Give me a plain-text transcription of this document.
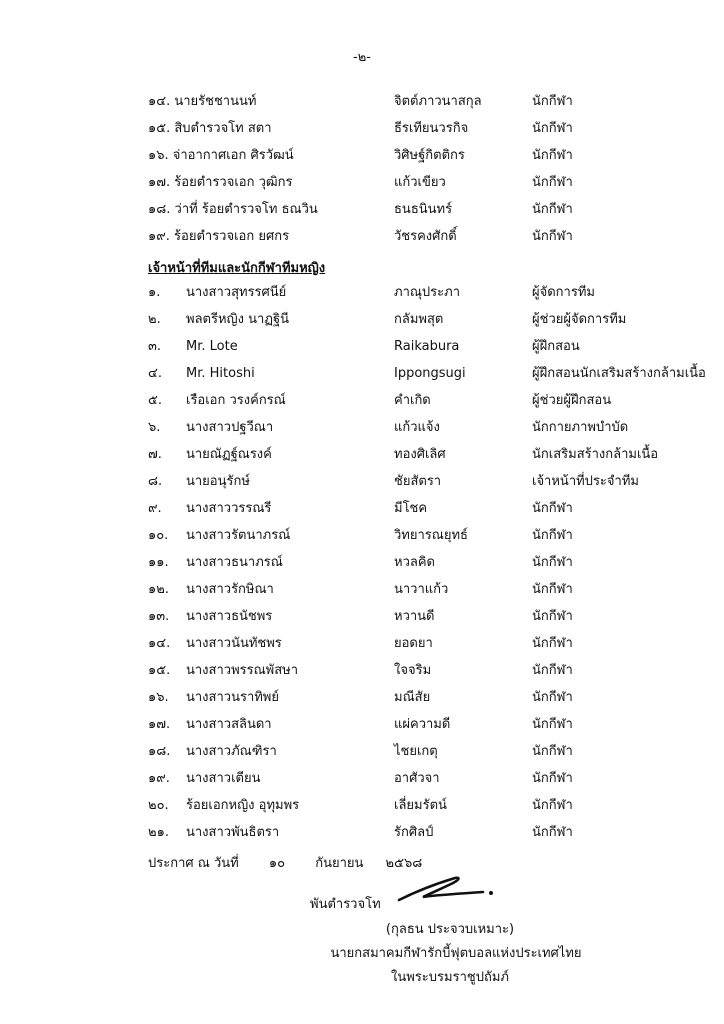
-๒-
๑๔. นายรัชชานนท์	จิตต์ภาวนาสกุล	นักกีฬา
๑๕. สิบตำรวจโท สตา	ธีรเทียนวรกิจ	นักกีฬา
๑๖. จ่าอากาศเอก ศิรวัฒน์	วิศิษฐ์กิตติกร	นักกีฬา
๑๗. ร้อยตำรวจเอก วุฒิกร	แก้วเขียว	นักกีฬา
๑๘. ว่าที่ ร้อยตำรวจโท ธณวิน	ธนธนินทร์	นักกีฬา
๑๙. ร้อยตำรวจเอก ยศกร	วัชรคงศักดิ์	นักกีฬา
เจ้าหน้าที่ทีมและนักกีฬาทีมหญิง
๑.	นางสาวสุทรรศนีย์	ภาณุประภา	ผู้จัดการทีม
๒.	พลตรีหญิง นาฏฐินี	กลัมพสุต	ผู้ช่วยผู้จัดการทีม
๓.	Mr. Lote	Raikabura	ผู้ฝึกสอน
๔.	Mr. Hitoshi	Ippongsugi	ผู้ฝึกสอนนักเสริมสร้างกล้ามเนื้อ
๕.	เรือเอก วรงค์กรณ์	คำเกิด	ผู้ช่วยผู้ฝึกสอน
๖.	นางสาวปฐวีณา	แก้วแจ้ง	นักกายภาพบำบัด
๗.	นายณัฏฐ์ณรงค์	ทองศิเลิศ	นักเสริมสร้างกล้ามเนื้อ
๘.	นายอนุรักษ์	ชัยสัตรา	เจ้าหน้าที่ประจำทีม
๙.	นางสาววรรณรี	มีโชค	นักกีฬา
๑๐.	นางสาวรัตนาภรณ์	วิทยารณยุทธ์	นักกีฬา
๑๑.	นางสาวธนาภรณ์	หวลคิด	นักกีฬา
๑๒.	นางสาวรักษิณา	นาวาแก้ว	นักกีฬา
๑๓.	นางสาวธนัชพร	หวานดี	นักกีฬา
๑๔.	นางสาวนันทัชพร	ยอดยา	นักกีฬา
๑๕.	นางสาวพรรณพัสษา	ใจจริม	นักกีฬา
๑๖.	นางสาวนราทิพย์	มณีสัย	นักกีฬา
๑๗.	นางสาวสลินดา	แผ่ความดี	นักกีฬา
๑๘.	นางสาวภัณฑิรา	ไชยเกตุ	นักกีฬา
๑๙.	นางสาวเตียน	อาศัวจา	นักกีฬา
๒๐.	ร้อยเอกหญิง อุทุมพร	เลี่ยมรัตน์	นักกีฬา
๒๑.	นางสาวพันธิตรา	รักศิลป์	นักกีฬา
ประกาศ ณ วันที่ ๑๐ กันยายน ๒๕๖๘
พันตำรวจโท
(กุลธน ประจวบเหมาะ)
นายกสมาคมกีฬารักบี้ฟุตบอลแห่งประเทศไทย
ในพระบรมราชูปถัมภ์
